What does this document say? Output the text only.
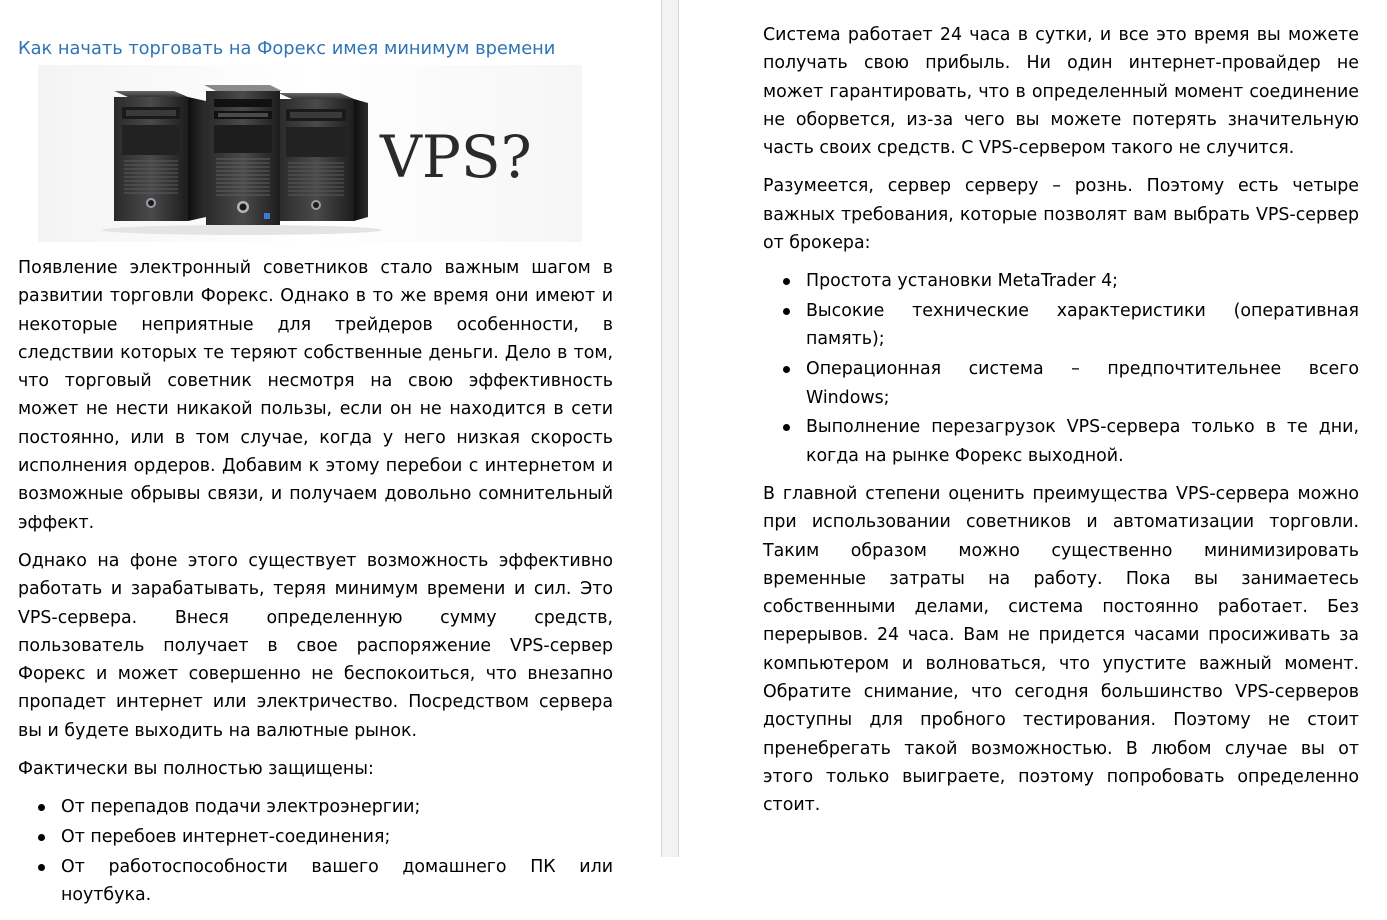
Как начать торговать на Форекс имея минимум времени
VPS?

Появление электронный советников стало важным шагом в развитии торговли Форекс. Однако в то же время они имеют и некоторые неприятные для трейдеров особенности, в следствии которых те теряют собственные деньги. Дело в том, что торговый советник несмотря на свою эффективность может не нести никакой пользы, если он не находится в сети постоянно, или в том случае, когда у него низкая скорость исполнения ордеров. Добавим к этому перебои с интернетом и возможные обрывы связи, и получаем довольно сомнительный эффект.

Однако на фоне этого существует возможность эффективно работать и зарабатывать, теряя минимум времени и сил. Это VPS-сервера. Внеся определенную сумму средств, пользователь получает в свое распоряжение VPS-сервер Форекс и может совершенно не беспокоиться, что внезапно пропадет интернет или электричество. Посредством сервера вы и будете выходить на валютные рынок.

Фактически вы полностью защищены:

От перепадов подачи электроэнергии;
От перебоев интернет-соединения;
От работоспособности вашего домашнего ПК или ноутбука.

Система работает 24 часа в сутки, и все это время вы можете получать свою прибыль. Ни один интернет-провайдер не может гарантировать, что в определенный момент соединение не оборвется, из-за чего вы можете потерять значительную часть своих средств. С VPS-сервером такого не случится.

Разумеется, сервер серверу – рознь. Поэтому есть четыре важных требования, которые позволят вам выбрать VPS-сервер от брокера:

Простота установки MetaTrader 4;
Высокие технические характеристики (оперативная память);
Операционная система – предпочтительнее всего Windows;
Выполнение перезагрузок VPS-сервера только в те дни, когда на рынке Форекс выходной.

В главной степени оценить преимущества VPS-сервера можно при использовании советников и автоматизации торговли. Таким образом можно существенно минимизировать временные затраты на работу. Пока вы занимаетесь собственными делами, система постоянно работает. Без перерывов. 24 часа. Вам не придется часами просиживать за компьютером и волноваться, что упустите важный момент. Обратите снимание, что сегодня большинство VPS-серверов доступны для пробного тестирования. Поэтому не стоит пренебрегать такой возможностью. В любом случае вы от этого только выиграете, поэтому попробовать определенно стоит.
